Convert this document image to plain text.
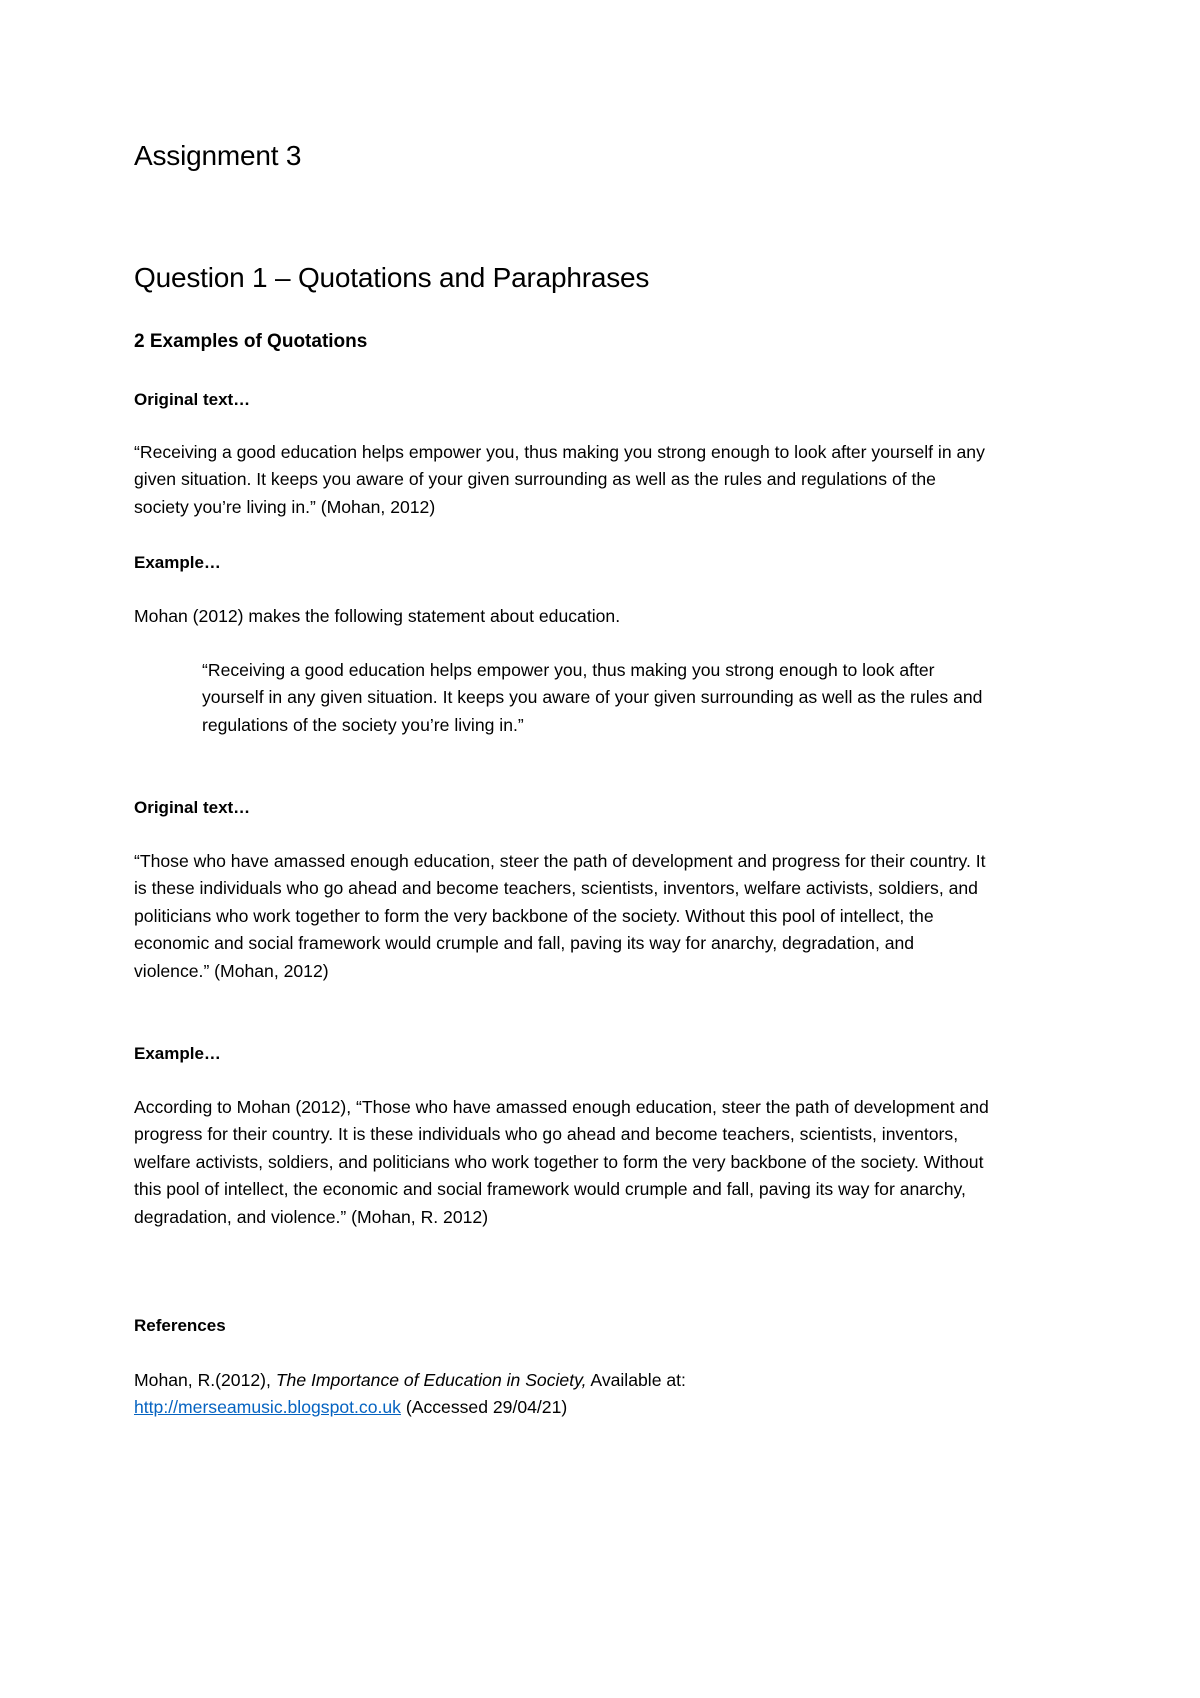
Assignment 3
Question 1 – Quotations and Paraphrases
2 Examples of Quotations

Original text…

“Receiving a good education helps empower you, thus making you strong enough to look after yourself in any given situation. It keeps you aware of your given surrounding as well as the rules and regulations of the society you’re living in.” (Mohan, 2012)

Example…

Mohan (2012) makes the following statement about education.

“Receiving a good education helps empower you, thus making you strong enough to look after yourself in any given situation. It keeps you aware of your given surrounding as well as the rules and regulations of the society you’re living in.”

Original text…

“Those who have amassed enough education, steer the path of development and progress for their country. It is these individuals who go ahead and become teachers, scientists, inventors, welfare activists, soldiers, and politicians who work together to form the very backbone of the society. Without this pool of intellect, the economic and social framework would crumple and fall, paving its way for anarchy, degradation, and violence.” (Mohan, 2012)

Example…

According to Mohan (2012), “Those who have amassed enough education, steer the path of development and progress for their country. It is these individuals who go ahead and become teachers, scientists, inventors, welfare activists, soldiers, and politicians who work together to form the very backbone of the society. Without this pool of intellect, the economic and social framework would crumple and fall, paving its way for anarchy, degradation, and violence.” (Mohan, R. 2012)

References

Mohan, R.(2012), The Importance of Education in Society, Available at:
http://merseamusic.blogspot.co.uk (Accessed 29/04/21)
